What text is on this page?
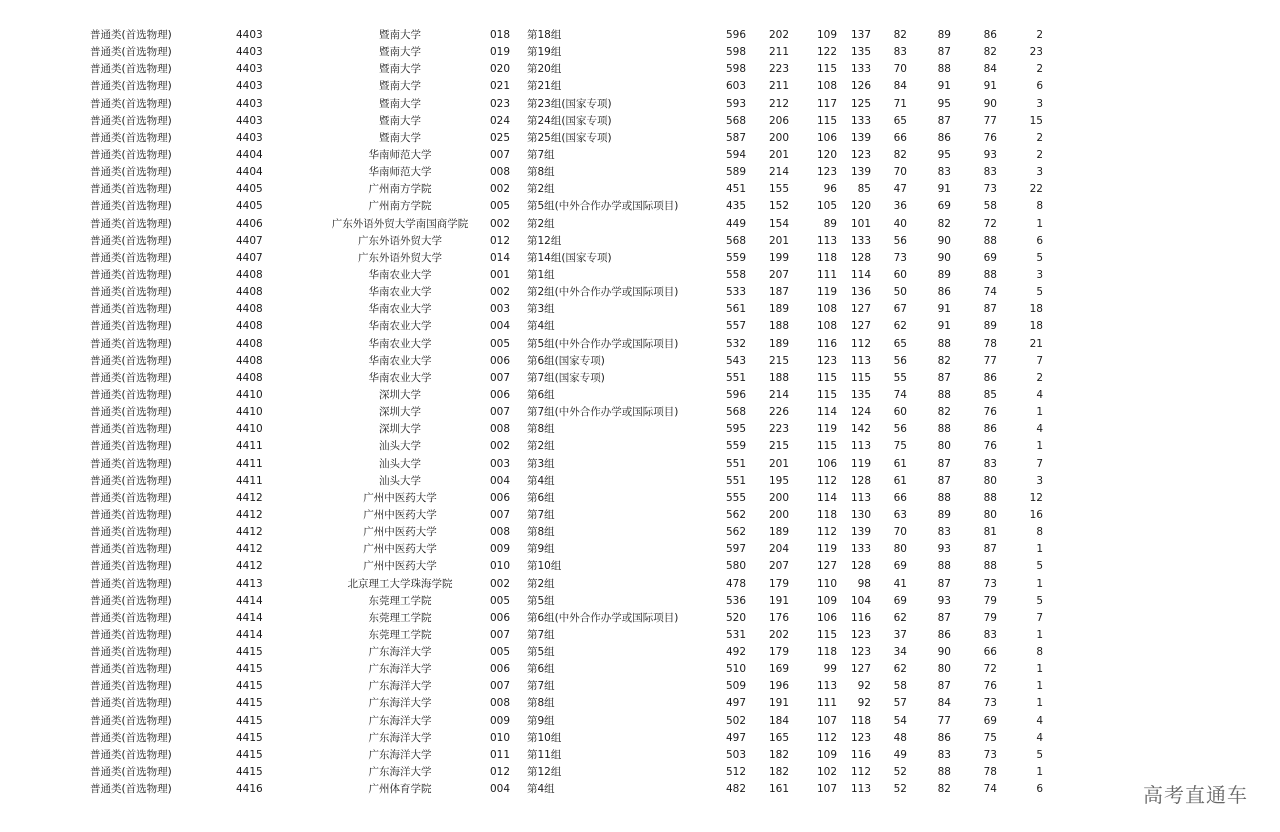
普通类(首选物理)	4403	暨南大学	018 第18组	596	202	109	137	82	89	86	2
普通类(首选物理)	4403	暨南大学	019 第19组	598	211	122	135	83	87	82	23
普通类(首选物理)	4403	暨南大学	020 第20组	598	223	115	133	70	88	84	2
普通类(首选物理)	4403	暨南大学	021 第21组	603	211	108	126	84	91	91	6
普通类(首选物理)	4403	暨南大学	023 第23组(国家专项)	593	212	117	125	71	95	90	3
普通类(首选物理)	4403	暨南大学	024 第24组(国家专项)	568	206	115	133	65	87	77	15
普通类(首选物理)	4403	暨南大学	025 第25组(国家专项)	587	200	106	139	66	86	76	2
普通类(首选物理)	4404	华南师范大学	007 第7组	594	201	120	123	82	95	93	2
普通类(首选物理)	4404	华南师范大学	008 第8组	589	214	123	139	70	83	83	3
普通类(首选物理)	4405	广州南方学院	002 第2组	451	155	96	85	47	91	73	22
普通类(首选物理)	4405	广州南方学院	005 第5组(中外合作办学或国际项目)	435	152	105	120	36	69	58	8
普通类(首选物理)	4406	广东外语外贸大学南国商学院	002 第2组	449	154	89	101	40	82	72	1
普通类(首选物理)	4407	广东外语外贸大学	012 第12组	568	201	113	133	56	90	88	6
普通类(首选物理)	4407	广东外语外贸大学	014 第14组(国家专项)	559	199	118	128	73	90	69	5
普通类(首选物理)	4408	华南农业大学	001 第1组	558	207	111	114	60	89	88	3
普通类(首选物理)	4408	华南农业大学	002 第2组(中外合作办学或国际项目)	533	187	119	136	50	86	74	5
普通类(首选物理)	4408	华南农业大学	003 第3组	561	189	108	127	67	91	87	18
普通类(首选物理)	4408	华南农业大学	004 第4组	557	188	108	127	62	91	89	18
普通类(首选物理)	4408	华南农业大学	005 第5组(中外合作办学或国际项目)	532	189	116	112	65	88	78	21
普通类(首选物理)	4408	华南农业大学	006 第6组(国家专项)	543	215	123	113	56	82	77	7
普通类(首选物理)	4408	华南农业大学	007 第7组(国家专项)	551	188	115	115	55	87	86	2
普通类(首选物理)	4410	深圳大学	006 第6组	596	214	115	135	74	88	85	4
普通类(首选物理)	4410	深圳大学	007 第7组(中外合作办学或国际项目)	568	226	114	124	60	82	76	1
普通类(首选物理)	4410	深圳大学	008 第8组	595	223	119	142	56	88	86	4
普通类(首选物理)	4411	汕头大学	002 第2组	559	215	115	113	75	80	76	1
普通类(首选物理)	4411	汕头大学	003 第3组	551	201	106	119	61	87	83	7
普通类(首选物理)	4411	汕头大学	004 第4组	551	195	112	128	61	87	80	3
普通类(首选物理)	4412	广州中医药大学	006 第6组	555	200	114	113	66	88	88	12
普通类(首选物理)	4412	广州中医药大学	007 第7组	562	200	118	130	63	89	80	16
普通类(首选物理)	4412	广州中医药大学	008 第8组	562	189	112	139	70	83	81	8
普通类(首选物理)	4412	广州中医药大学	009 第9组	597	204	119	133	80	93	87	1
普通类(首选物理)	4412	广州中医药大学	010 第10组	580	207	127	128	69	88	88	5
普通类(首选物理)	4413	北京理工大学珠海学院	002 第2组	478	179	110	98	41	87	73	1
普通类(首选物理)	4414	东莞理工学院	005 第5组	536	191	109	104	69	93	79	5
普通类(首选物理)	4414	东莞理工学院	006 第6组(中外合作办学或国际项目)	520	176	106	116	62	87	79	7
普通类(首选物理)	4414	东莞理工学院	007 第7组	531	202	115	123	37	86	83	1
普通类(首选物理)	4415	广东海洋大学	005 第5组	492	179	118	123	34	90	66	8
普通类(首选物理)	4415	广东海洋大学	006 第6组	510	169	99	127	62	80	72	1
普通类(首选物理)	4415	广东海洋大学	007 第7组	509	196	113	92	58	87	76	1
普通类(首选物理)	4415	广东海洋大学	008 第8组	497	191	111	92	57	84	73	1
普通类(首选物理)	4415	广东海洋大学	009 第9组	502	184	107	118	54	77	69	4
普通类(首选物理)	4415	广东海洋大学	010 第10组	497	165	112	123	48	86	75	4
普通类(首选物理)	4415	广东海洋大学	011 第11组	503	182	109	116	49	83	73	5
普通类(首选物理)	4415	广东海洋大学	012 第12组	512	182	102	112	52	88	78	1
普通类(首选物理)	4416	广州体育学院	004 第4组	482	161	107	113	52	82	74	6	高考直通车
